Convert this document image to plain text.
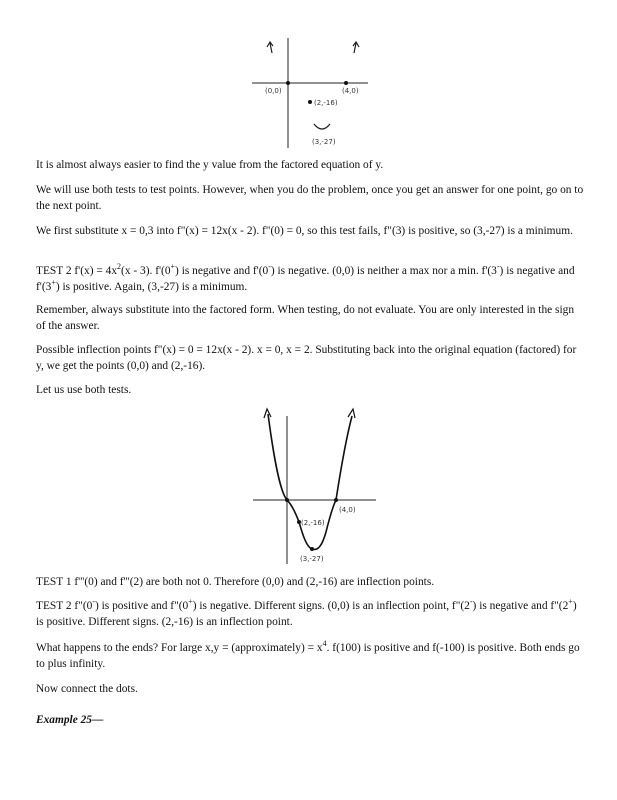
(0,0)	(4,0)
(2,-16)
(3,-27)

It is almost always easier to find the y value from the factored equation of y.

We will use both tests to test points. However, when you do the problem, once you get an answer for one point, go on to the next point.

We first substitute x = 0,3 into f"(x) = 12x(x - 2). f"(0) = 0, so this test fails, f"(3) is positive, so (3,-27) is a minimum.

TEST 2 $f'(x) = 4x^2(x - 3)$. f'(0+) is negative and f'(0-) is negative. (0,0) is neither a max nor a min. f'(3-) is negative and f'(3+) is positive. Again, (3,-27) is a minimum.

Remember, always substitute into the factored form. When testing, do not evaluate. You are only interested in the sign of the answer.

Possible inflection points f"(x) = 0 = 12x(x - 2). x = 0, x = 2. Substituting back into the original equation (factored) for y, we get the points (0,0) and (2,-16).

Let us use both tests.

(4,0)
(2,-16)
(3,-27)

TEST 1 f'''(0) and f'''(2) are both not 0. Therefore (0,0) and (2,-16) are inflection points.

TEST 2 f"(0-) is positive and f"(0+) is negative. Different signs. (0,0) is an inflection point, f"(2-) is negative and f"(2+) is positive. Different signs. (2,-16) is an inflection point.

What happens to the ends? For large x,y = (approximately) = $x^4$. f(100) is positive and f(-100) is positive. Both ends go to plus infinity.

Now connect the dots.

Example 25—
